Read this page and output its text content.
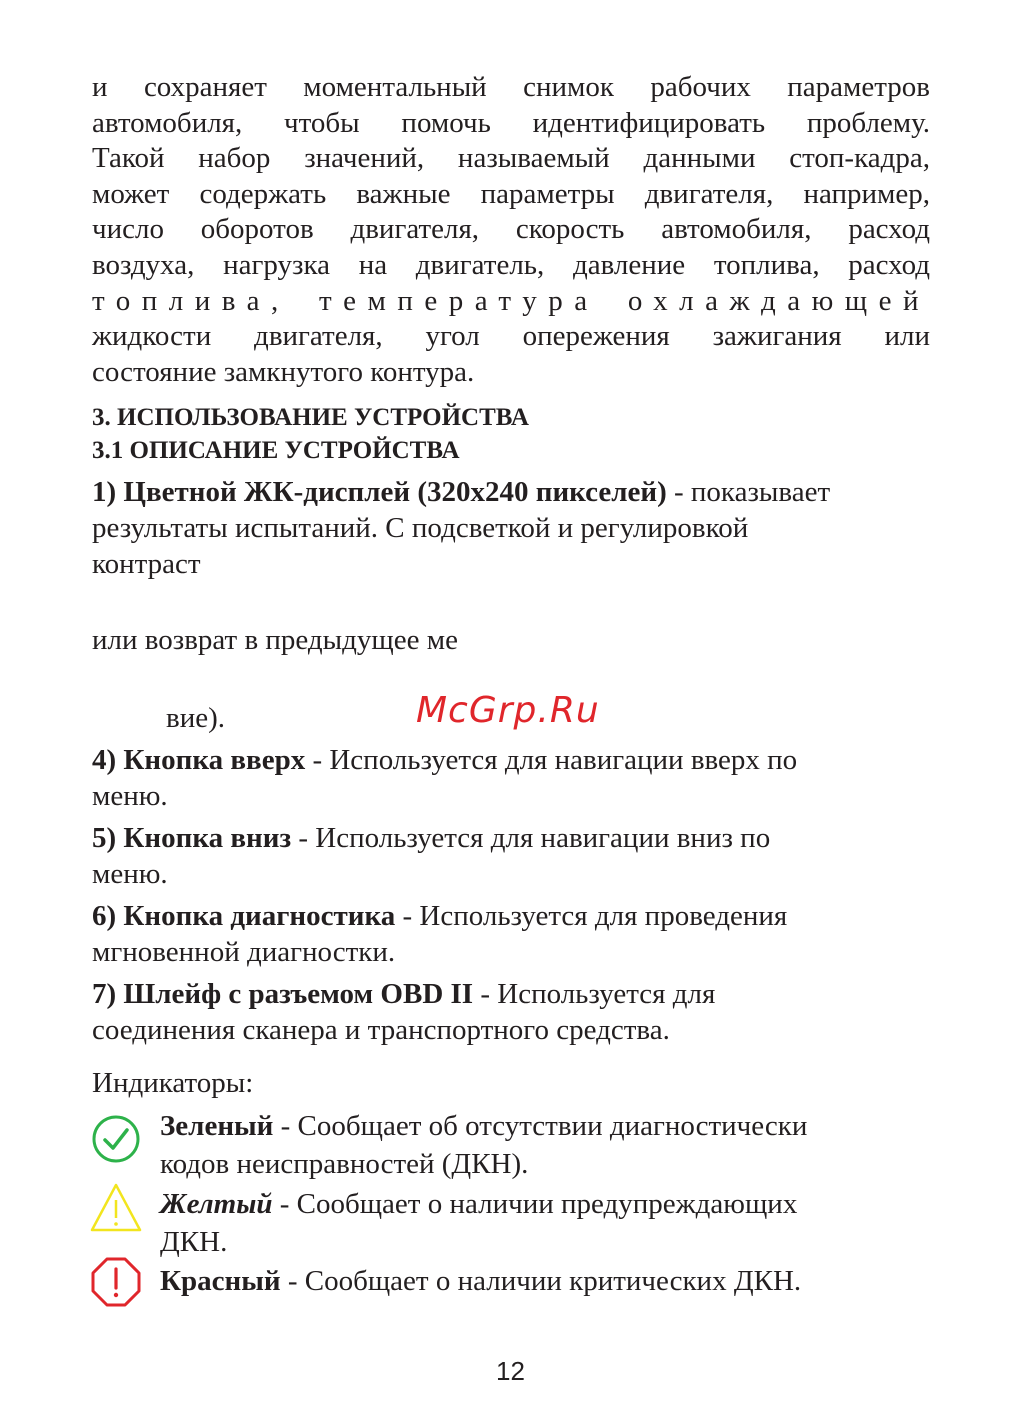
и сохраняет моментальный снимок рабочих параметров
автомобиля, чтобы помочь идентифицировать проблему.
Такой набор значений, называемый данными стоп-кадра,
может содержать важные параметры двигателя, например,
число оборотов двигателя, скорость автомобиля, расход
воздуха, нагрузка на двигатель, давление топлива, расход
топлива, температура охлаждающей
жидкости двигателя, угол опережения зажигания или
состояние замкнутого контура.
3. ИСПОЛЬЗОВАНИЕ УСТРОЙСТВА
3.1 ОПИСАНИЕ УСТРОЙСТВА
1) Цветной ЖК-дисплей (320х240 пикселей) - показывает
результаты испытаний. С подсветкой и регулировкой
контраст
или возврат в предыдущее ме
вие).	McGrp.Ru
4) Кнопка вверх - Используется для навигации вверх по
меню.
5) Кнопка вниз - Используется для навигации вниз по
меню.
6) Кнопка диагностика - Используется для проведения
мгновенной диагностки.
7) Шлейф с разъемом OBD II - Используется для
соединения сканера и транспортного средства.
Индикаторы:
Зеленый - Сообщает об отсутствии диагностически
кодов неисправностей (ДКН).
Желтый - Сообщает о наличии предупреждающих
ДКН.
Красный - Сообщает о наличии критических ДКН.
12
